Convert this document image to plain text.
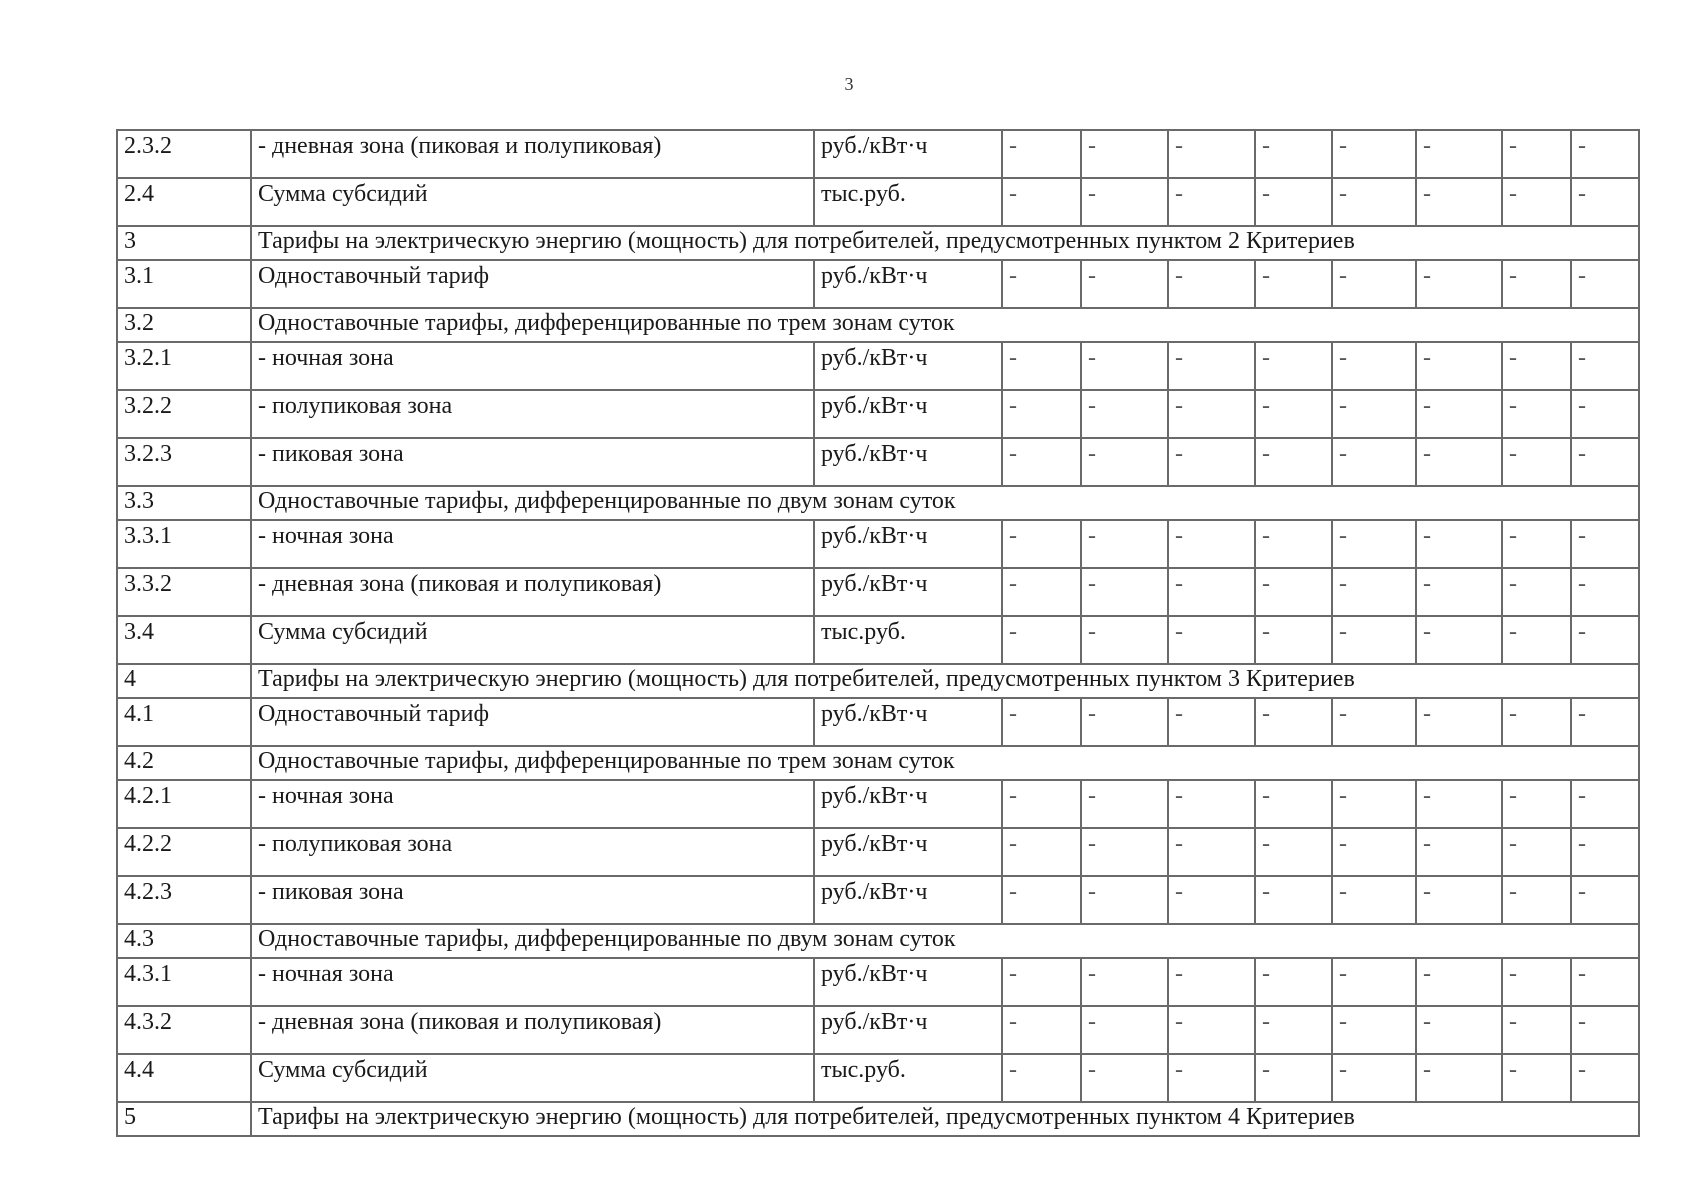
3
2.3.2	- дневная зона (пиковая и полупиковая)	руб./кВт·ч	-	-	-	-	-	-	-	-
2.4	Сумма субсидий	тыс.руб.	-	-	-	-	-	-	-	-
3	Тарифы на электрическую энергию (мощность) для потребителей, предусмотренных пунктом 2 Критериев									
3.1	Одноставочный тариф	руб./кВт·ч	-	-	-	-	-	-	-	-
3.2	Одноставочные тарифы, дифференцированные по трем зонам суток									
3.2.1	- ночная зона	руб./кВт·ч	-	-	-	-	-	-	-	-
3.2.2	- полупиковая зона	руб./кВт·ч	-	-	-	-	-	-	-	-
3.2.3	- пиковая зона	руб./кВт·ч	-	-	-	-	-	-	-	-
3.3	Одноставочные тарифы, дифференцированные по двум зонам суток									
3.3.1	- ночная зона	руб./кВт·ч	-	-	-	-	-	-	-	-
3.3.2	- дневная зона (пиковая и полупиковая)	руб./кВт·ч	-	-	-	-	-	-	-	-
3.4	Сумма субсидий	тыс.руб.	-	-	-	-	-	-	-	-
4	Тарифы на электрическую энергию (мощность) для потребителей, предусмотренных пунктом 3 Критериев									
4.1	Одноставочный тариф	руб./кВт·ч	-	-	-	-	-	-	-	-
4.2	Одноставочные тарифы, дифференцированные по трем зонам суток									
4.2.1	- ночная зона	руб./кВт·ч	-	-	-	-	-	-	-	-
4.2.2	- полупиковая зона	руб./кВт·ч	-	-	-	-	-	-	-	-
4.2.3	- пиковая зона	руб./кВт·ч	-	-	-	-	-	-	-	-
4.3	Одноставочные тарифы, дифференцированные по двум зонам суток									
4.3.1	- ночная зона	руб./кВт·ч	-	-	-	-	-	-	-	-
4.3.2	- дневная зона (пиковая и полупиковая)	руб./кВт·ч	-	-	-	-	-	-	-	-
4.4	Сумма субсидий	тыс.руб.	-	-	-	-	-	-	-	-
5	Тарифы на электрическую энергию (мощность) для потребителей, предусмотренных пунктом 4 Критериев									
